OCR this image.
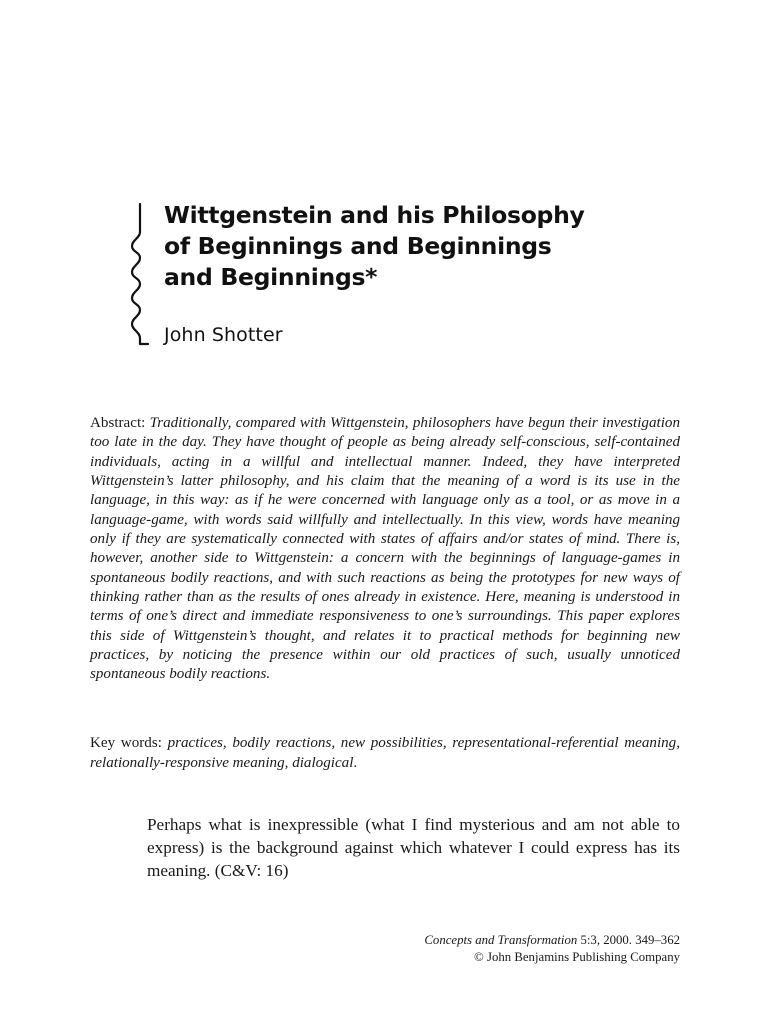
Wittgenstein and his Philosophy
of Beginnings and Beginnings
and Beginnings*
John Shotter

Abstract: Traditionally, compared with Wittgenstein, philosophers have begun their investigation too late in the day. They have thought of people as being already self-conscious, self-contained individuals, acting in a willful and intellectual manner. Indeed, they have interpreted Wittgenstein’s latter philosophy, and his claim that the meaning of a word is its use in the language, in this way: as if he were concerned with language only as a tool, or as move in a language-game, with words said willfully and intellectually. In this view, words have meaning only if they are systematically connected with states of affairs and/or states of mind. There is, however, another side to Wittgenstein: a concern with the beginnings of language-games in spontaneous bodily reactions, and with such reactions as being the prototypes for new ways of thinking rather than as the results of ones already in existence. Here, meaning is understood in terms of one’s direct and immediate responsiveness to one’s surroundings. This paper explores this side of Wittgenstein’s thought, and relates it to practical methods for beginning new practices, by noticing the presence within our old practices of such, usually unnoticed spontaneous bodily reactions.

Key words: practices, bodily reactions, new possibilities, representational-referential meaning, relationally-responsive meaning, dialogical.

Perhaps what is inexpressible (what I find mysterious and am not able to express) is the background against which whatever I could express has its meaning. (C&V: 16)

Concepts and Transformation 5:3, 2000. 349–362
© John Benjamins Publishing Company
